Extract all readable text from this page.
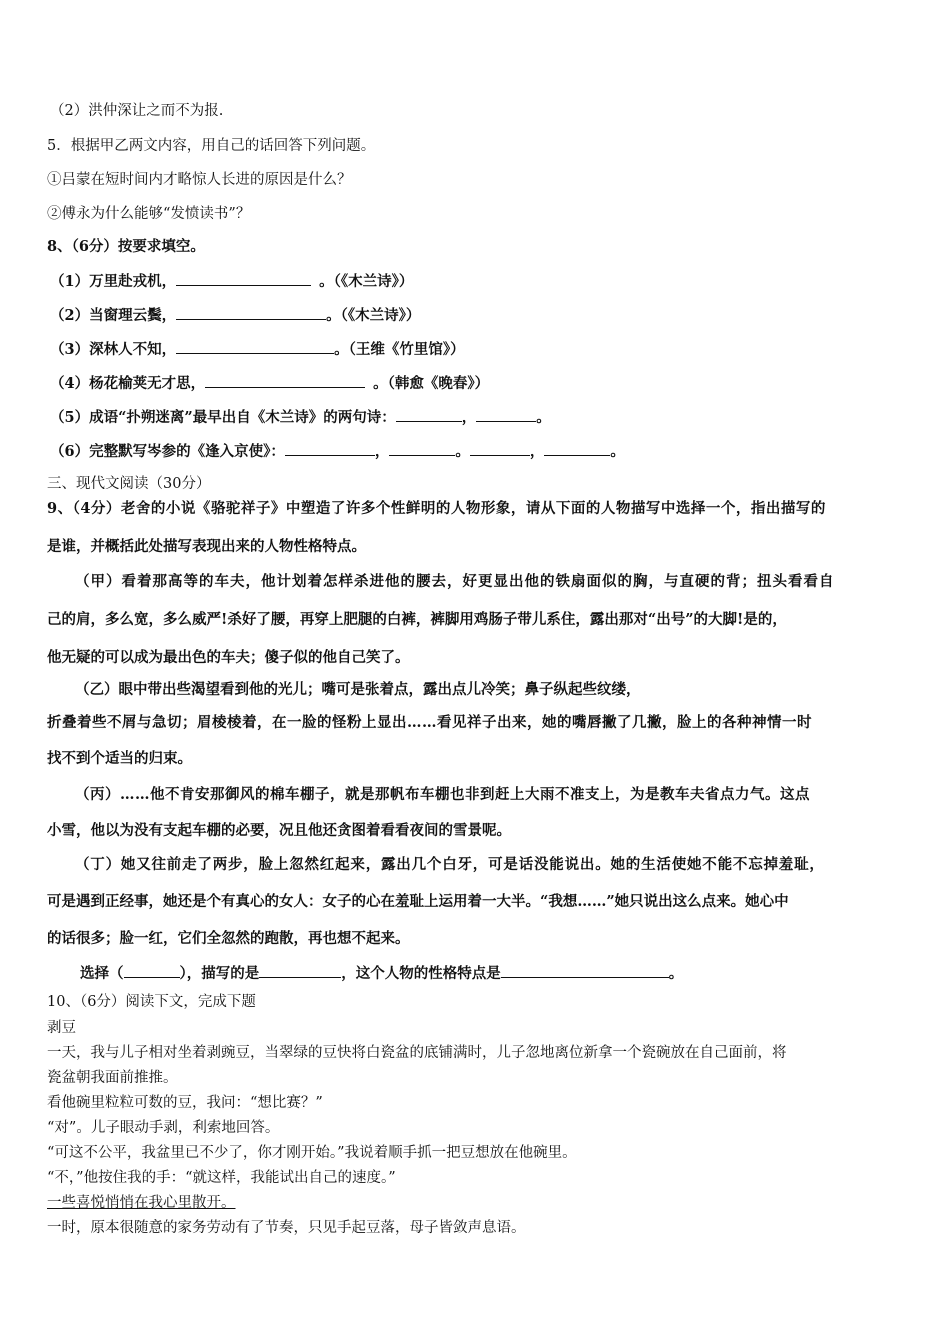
（2）洪仲深让之而不为报.
5．根据甲乙两文内容，用自己的话回答下列问题。
①吕蒙在短时间内才略惊人长进的原因是什么？
②傅永为什么能够“发愤读书”？
8、（6分）按要求填空。
（1）万里赴戎机，	。（《木兰诗》）
（2）当窗理云鬓，	。（《木兰诗》）
（3）深林人不知，	。（王维《竹里馆》）
（4）杨花榆荚无才思，	。（韩愈《晚春》）
（5）成语“扑朔迷离”最早出自《木兰诗》的两句诗：	，	。
（6）完整默写岑参的《逢入京使》：	，	。	，	。
三、现代文阅读（30分）
9、（4分）老舍的小说《骆驼祥子》中塑造了许多个性鲜明的人物形象，请从下面的人物描写中选择一个，指出描写的
是谁，并概括此处描写表现出来的人物性格特点。
（甲）看着那高等的车夫，他计划着怎样杀进他的腰去，好更显出他的铁扇面似的胸，与直硬的背；扭头看看自
己的肩，多么宽，多么威严!杀好了腰，再穿上肥腿的白裤，裤脚用鸡肠子带儿系住，露出那对“出号”的大脚!是的，
他无疑的可以成为最出色的车夫；傻子似的他自己笑了。
（乙）眼中带出些渴望看到他的光儿；嘴可是张着点，露出点儿冷笑；鼻子纵起些纹缕，
折叠着些不屑与急切；眉棱棱着，在一脸的怪粉上显出……看见祥子出来，她的嘴唇撇了几撇，脸上的各种神情一时
找不到个适当的归束。
（丙）……他不肯安那御风的棉车棚子，就是那帆布车棚也非到赶上大雨不准支上，为是教车夫省点力气。这点
小雪，他以为没有支起车棚的必要，况且他还贪图着看看夜间的雪景呢。
（丁）她又往前走了两步，脸上忽然红起来，露出几个白牙，可是话没能说出。她的生活使她不能不忘掉羞耻，
可是遇到正经事，她还是个有真心的女人：女子的心在羞耻上运用着一大半。“我想……”她只说出这么点来。她心中
的话很多；脸一红，它们全忽然的跑散，再也想不起来。
选择（	），描写的是	，这个人物的性格特点是	。
10、（6分）阅读下文，完成下题
剥豆
一天，我与儿子相对坐着剥豌豆，当翠绿的豆快将白瓷盆的底铺满时，儿子忽地离位新拿一个瓷碗放在自己面前，将
瓷盆朝我面前推推。
看他碗里粒粒可数的豆，我问：“想比赛？”
“对”。儿子眼动手剥，利索地回答。
“可这不公平，我盆里已不少了，你才刚开始。”我说着顺手抓一把豆想放在他碗里。
“不，”他按住我的手：“就这样，我能试出自己的速度。”
一些喜悦悄悄在我心里散开。
一时，原本很随意的家务劳动有了节奏，只见手起豆落，母子皆敛声息语。
